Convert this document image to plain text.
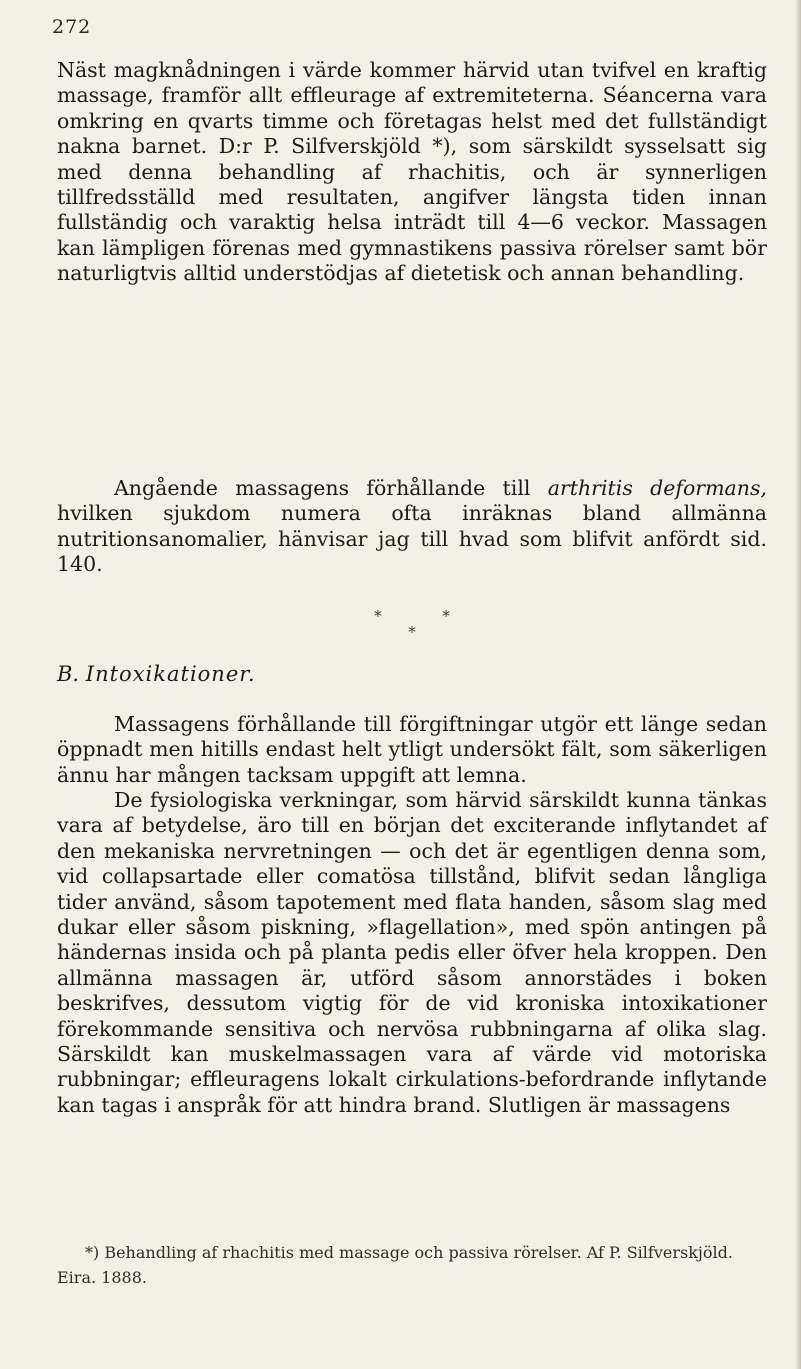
272

Näst magknådningen i värde kommer härvid utan tvifvel en kraftig massage, framför allt effleurage af extremiteterna. Séancerna vara omkring en qvarts timme och företagas helst med det fullständigt nakna barnet. D:r P. Silfverskjöld *), som särskildt sysselsatt sig med denna behandling af rhachitis, och är synnerligen tillfredsställd med resultaten, angifver längsta tiden innan fullständig och varaktig helsa inträdt till 4—6 veckor. Massagen kan lämpligen förenas med gymnastikens passiva rörelser samt bör naturligtvis alltid understödjas af dietetisk och annan behandling.

Angående massagens förhållande till arthritis deformans, hvilken sjukdom numera ofta inräknas bland allmänna nutritionsanomalier, hänvisar jag till hvad som blifvit anfördt sid. 140.

*	*
*
B. Intoxikationer.

Massagens förhållande till förgiftningar utgör ett länge sedan öppnadt men hitills endast helt ytligt undersökt fält, som säkerligen ännu har mången tacksam uppgift att lemna.

De fysiologiska verkningar, som härvid särskildt kunna tänkas vara af betydelse, äro till en början det exciterande inflytandet af den mekaniska nervretningen — och det är egentligen denna som, vid collapsartade eller comatösa tillstånd, blifvit sedan långliga tider använd, såsom tapotement med flata handen, såsom slag med dukar eller såsom piskning, »flagellation», med spön antingen på händernas insida och på planta pedis eller öfver hela kroppen. Den allmänna massagen är, utförd såsom annorstädes i boken beskrifves, dessutom vigtig för de vid kroniska intoxikationer förekommande sensitiva och nervösa rubbningarna af olika slag. Särskildt kan muskelmassagen vara af värde vid motoriska rubbningar; effleuragens lokalt cirkulations-befordrande inflytande kan tagas i anspråk för att hindra brand. Slutligen är massagens

*) Behandling af rhachitis med massage och passiva rörelser. Af P. Silfverskjöld. Eira. 1888.
